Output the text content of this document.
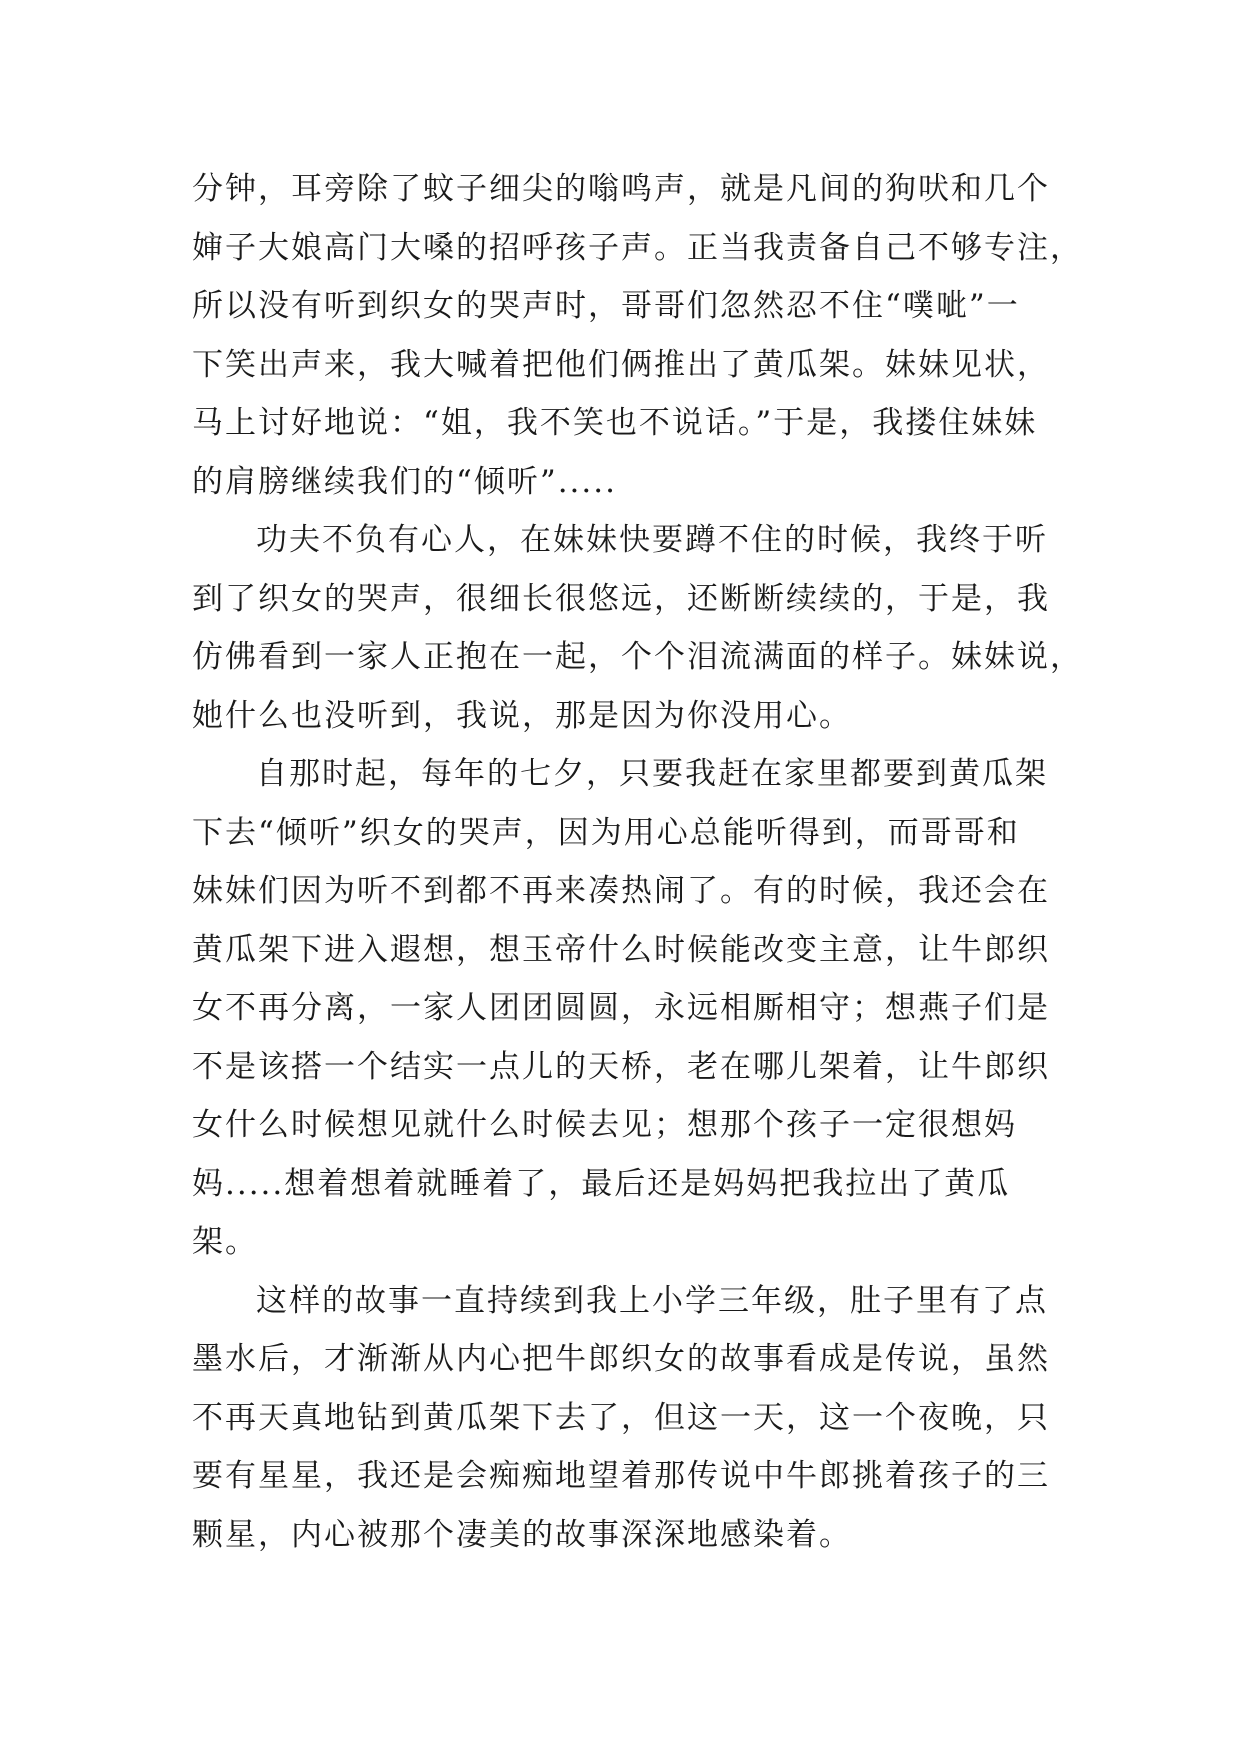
分钟，耳旁除了蚊子细尖的嗡鸣声，就是凡间的狗吠和几个
婶子大娘高门大嗓的招呼孩子声。正当我责备自己不够专注，
所以没有听到织女的哭声时，哥哥们忽然忍不住“噗呲”一
下笑出声来，我大喊着把他们俩推出了黄瓜架。妹妹见状，
马上讨好地说：“姐，我不笑也不说话。”于是，我搂住妹妹
的肩膀继续我们的“倾听”.....
功夫不负有心人，在妹妹快要蹲不住的时候，我终于听
到了织女的哭声，很细长很悠远，还断断续续的，于是，我
仿佛看到一家人正抱在一起，个个泪流满面的样子。妹妹说，
她什么也没听到，我说，那是因为你没用心。
自那时起，每年的七夕，只要我赶在家里都要到黄瓜架
下去“倾听”织女的哭声，因为用心总能听得到，而哥哥和
妹妹们因为听不到都不再来凑热闹了。有的时候，我还会在
黄瓜架下进入遐想，想玉帝什么时候能改变主意，让牛郎织
女不再分离，一家人团团圆圆，永远相厮相守；想燕子们是
不是该搭一个结实一点儿的天桥，老在哪儿架着，让牛郎织
女什么时候想见就什么时候去见；想那个孩子一定很想妈
妈.....想着想着就睡着了，最后还是妈妈把我拉出了黄瓜
架。
这样的故事一直持续到我上小学三年级，肚子里有了点
墨水后，才渐渐从内心把牛郎织女的故事看成是传说，虽然
不再天真地钻到黄瓜架下去了，但这一天，这一个夜晚，只
要有星星，我还是会痴痴地望着那传说中牛郎挑着孩子的三
颗星，内心被那个凄美的故事深深地感染着。
